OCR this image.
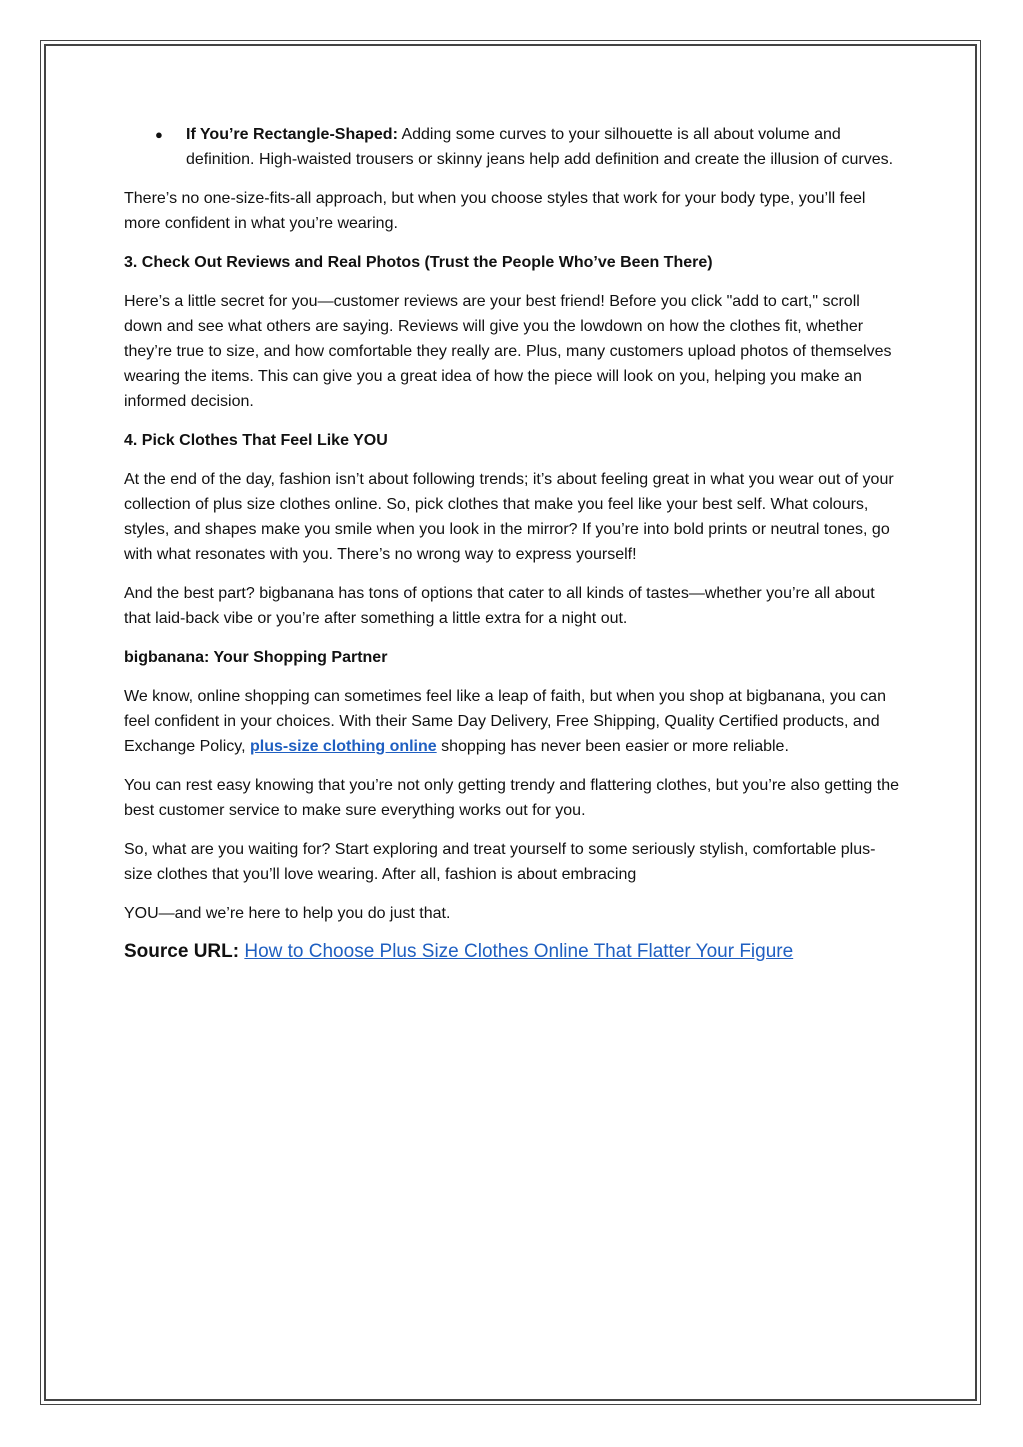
● If You’re Rectangle-Shaped: Adding some curves to your silhouette is all about volume and definition. High-waisted trousers or skinny jeans help add definition and create the illusion of curves.

There’s no one-size-fits-all approach, but when you choose styles that work for your body type, you’ll feel more confident in what you’re wearing.

3. Check Out Reviews and Real Photos (Trust the People Who’ve Been There)

Here’s a little secret for you—customer reviews are your best friend! Before you click "add to cart," scroll down and see what others are saying. Reviews will give you the lowdown on how the clothes fit, whether they’re true to size, and how comfortable they really are. Plus, many customers upload photos of themselves wearing the items. This can give you a great idea of how the piece will look on you, helping you make an informed decision.

4. Pick Clothes That Feel Like YOU

At the end of the day, fashion isn’t about following trends; it’s about feeling great in what you wear out of your collection of plus size clothes online. So, pick clothes that make you feel like your best self. What colours, styles, and shapes make you smile when you look in the mirror? If you’re into bold prints or neutral tones, go with what resonates with you. There’s no wrong way to express yourself!

And the best part? bigbanana has tons of options that cater to all kinds of tastes—whether you’re all about that laid-back vibe or you’re after something a little extra for a night out.

bigbanana: Your Shopping Partner

We know, online shopping can sometimes feel like a leap of faith, but when you shop at bigbanana, you can feel confident in your choices. With their Same Day Delivery, Free Shipping, Quality Certified products, and Exchange Policy, plus-size clothing online shopping has never been easier or more reliable.

You can rest easy knowing that you’re not only getting trendy and flattering clothes, but you’re also getting the best customer service to make sure everything works out for you.

So, what are you waiting for? Start exploring and treat yourself to some seriously stylish, comfortable plus-size clothes that you’ll love wearing. After all, fashion is about embracing

YOU—and we’re here to help you do just that.

Source URL: How to Choose Plus Size Clothes Online That Flatter Your Figure
